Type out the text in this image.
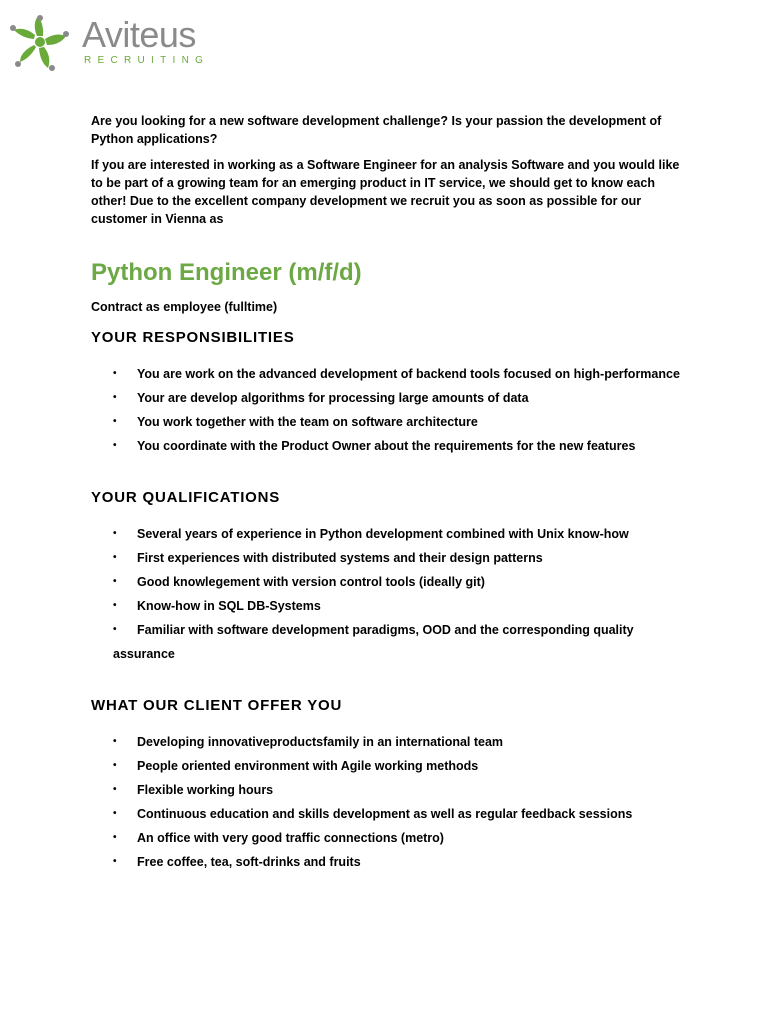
Aviteus
RECRUITING

Are you looking for a new software development challenge? Is your passion the development of Python applications?

If you are interested in working as a Software Engineer for an analysis Software and you would like to be part of a growing team for an emerging product in IT service, we should get to know each other! Due to the excellent company development we recruit you as soon as possible for our customer in Vienna as

Python Engineer (m/f/d)

Contract as employee (fulltime)

YOUR RESPONSIBILITIES
• You are work on the advanced development of backend tools focused on high-performance
• Your are develop algorithms for processing large amounts of data
• You work together with the team on software architecture
• You coordinate with the Product Owner about the requirements for the new features
YOUR QUALIFICATIONS
• Several years of experience in Python development combined with Unix know-how
• First experiences with distributed systems and their design patterns
• Good knowlegement with version control tools (ideally git)
• Know-how in SQL DB-Systems
• Familiar with software development paradigms, OOD and the corresponding quality assurance
WHAT OUR CLIENT OFFER YOU
• Developing innovativeproductsfamily in an international team
• People oriented environment with Agile working methods
• Flexible working hours
• Continuous education and skills development as well as regular feedback sessions
• An office with very good traffic connections (metro)
• Free coffee, tea, soft-drinks and fruits
